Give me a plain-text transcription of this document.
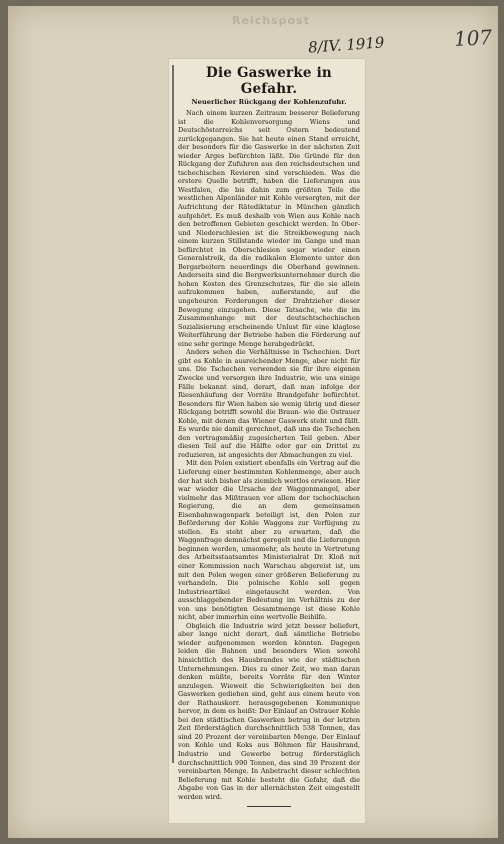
Reichspost
8/IV. 1919	107
Die Gaswerke in Gefahr.
Neuerlicher Rückgang der Kohlenzufuhr.

Nach einem kurzen Zeitraum besserer Belieferung ist die Kohlenversorgung Wiens und Deutschösterreichs seit Ostern bedeutend zurückgegangen. Sie hat heute einen Stand erreicht, der besonders für die Gaswerke in der nächsten Zeit wieder Arges befürchten läßt. Die Gründe für den Rückgang der Zufuhren aus den reichsdeutschen und tschechischen Revieren sind verschieden. Was die erstere Quelle betrifft, haben die Lieferungen aus Westfalen, die bis dahin zum größten Teile die westlichen Alpenländer mit Kohle versorgten, mit der Aufrichtung der Rätediktatur in München gänzlich aufgehört. Es muß deshalb von Wien aus Kohle nach den betroffenen Gebieten geschickt werden. In Ober- und Niederschlesien ist die Streikbewegung nach einem kurzen Stillstande wieder im Gange und man befürchtet in Oberschlesien sogar wieder einen Generalstreik, da die radikalen Elemente unter den Bergarbeitern neuerdings die Oberhand gewinnen. Anderseits sind die Bergwerksunternehmer durch die hohen Kosten des Grenzschutzes, für die sie allein aufzukommen haben, außerstande, auf die ungeheuren Forderungen der Drahtzieher dieser Bewegung einzugehen. Diese Tatsache, wie die im Zusammenhange mit der deutschtschechischen Sozialisierung erscheinende Unlust für eine klaglose Weiterführung der Betriebe haben die Förderung auf eine sehr geringe Menge herabgedrückt.

Anders sehen die Verhältnisse in Tschechien. Dort gibt es Kohle in ausreichender Menge, aber nicht für uns. Die Tschechen verwenden sie für ihre eigenen Zwecke und versorgen ihre Industrie, wie uns einige Fälle bekannt sind, derart, daß man infolge der Riesenhäufung der Vorräte Brandgefahr befürchtet. Besonders für Wien haben sie wenig übrig und dieser Rückgang betrifft sowohl die Braun- wie die Ostrauer Kohle, mit denen das Wiener Gaswerk steht und fällt. Es wurde nie damit gerechnet, daß uns die Tschechen den vertragsmäßig zugesicherten Teil geben. Aber diesen Teil auf die Hälfte oder gar ein Drittel zu reduzieren, ist angesichts der Abmachungen zu viel.

Mit den Polen existiert ebenfalls ein Vertrag auf die Lieferung einer bestimmten Kohlenmenge, aber auch der hat sich bisher als ziemlich wertlos erwiesen. Hier war wieder die Ursache der Waggonmangel, aber vielmehr das Mißtrauen vor allem der tschechischen Regierung, die an dem gemeinsamen Eisenbahnwagenpark beteiligt ist, den Polen zur Beförderung der Kohle Waggons zur Verfügung zu stellen. Es steht aber zu erwarten, daß die Waggonfrage demnächst geregelt und die Lieferungen beginnen werden, umsomehr, als heute in Vertretung des Arbeitsstaatsamtes Ministerialrat Dr. Kloß mit einer Kommission nach Warschau abgereist ist, um mit den Polen wegen einer größeren Belieferung zu verhandeln. Die polnische Kohle soll gegen Industrieartikel eingetauscht werden. Von ausschlaggebender Bedeutung im Verhältnis zu der von uns benötigten Gesamtmenge ist diese Kohle nicht, aber immerhin eine wertvolle Beihilfe.

Obgleich die Industrie wird jetzt besser beliefert, aber lange nicht derart, daß sämtliche Betriebe wieder aufgenommen werden könnten. Dagegen leiden die Bahnen und besonders Wien sowohl hinsichtlich des Hausbrandes wie der städtischen Unternehmungen. Dies zu einer Zeit, wo man daran denken müßte, bereits Vorräte für den Winter anzulegen. Wieweit die Schwierigkeiten bei den Gaswerken gediehen sind, geht aus einem heute von der Rathauskorr. herausgegebenen Kommunique hervor, in dem es heißt: Der Einlauf an Ostrauer Kohle bei den städtischen Gaswerken betrug in der letzten Zeit förderstäglich durchschnittlich 538 Tonnen, das sind 20 Prozent der vereinbarten Menge. Der Einlauf von Kohle und Koks aus Böhmen für Hausbrand, Industrie und Gewerbe betrug förderstäglich durchschnittlich 990 Tonnen, das sind 39 Prozent der vereinbarten Menge. In Anbetracht dieser schlechten Belieferung mit Kohle besteht die Gefahr, daß die Abgabe von Gas in der allernächsten Zeit eingestellt werden wird.
